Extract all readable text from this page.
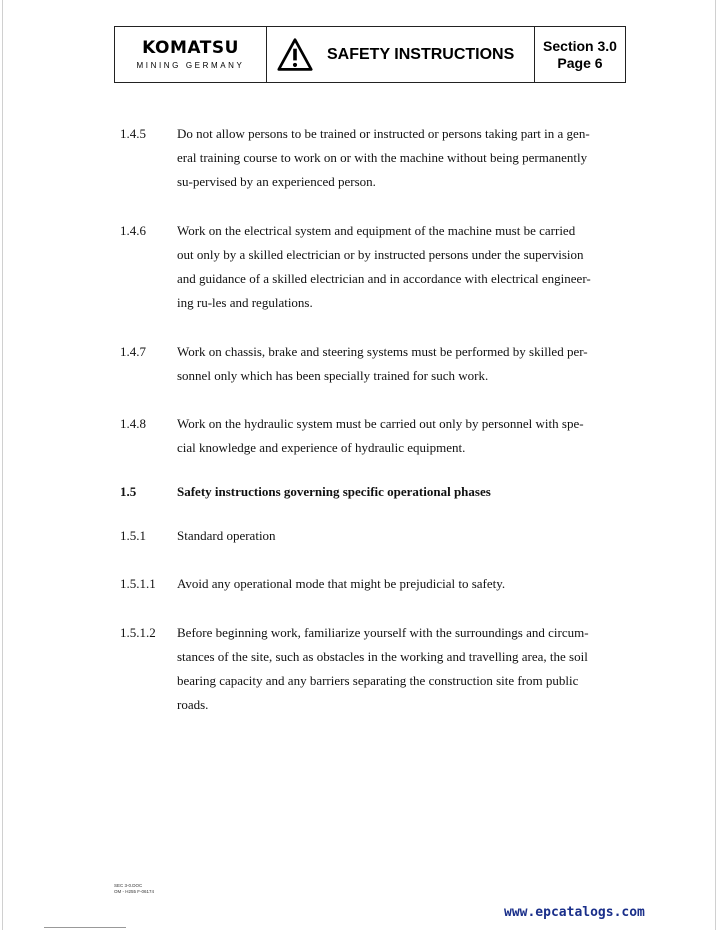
KOMATSU
MINING GERMANY
SAFETY INSTRUCTIONS Section 3.0
Page 6
1.4.5 Do not allow persons to be trained or instructed or persons taking part in a gen-
eral training course to work on or with the machine without being permanently
su-pervised by an experienced person.
1.4.6 Work on the electrical system and equipment of the machine must be carried
out only by a skilled electrician or by instructed persons under the supervision
and guidance of a skilled electrician and in accordance with electrical engineer-
ing ru-les and regulations.
1.4.7 Work on chassis, brake and steering systems must be performed by skilled per-
sonnel only which has been specially trained for such work.
1.4.8 Work on the hydraulic system must be carried out only by personnel with spe-
cial knowledge and experience of hydraulic equipment.
1.5	Safety instructions governing specific operational phases
1.5.1 Standard operation
1.5.1.1 Avoid any operational mode that might be prejudicial to safety.
1.5.1.2 Before beginning work, familiarize yourself with the surroundings and circum-
stances of the site, such as obstacles in the working and travelling area, the soil
bearing capacity and any barriers separating the construction site from public
roads.
SEC 3-0.DOC
OM - H255 F-06174
www.epcatalogs.com
